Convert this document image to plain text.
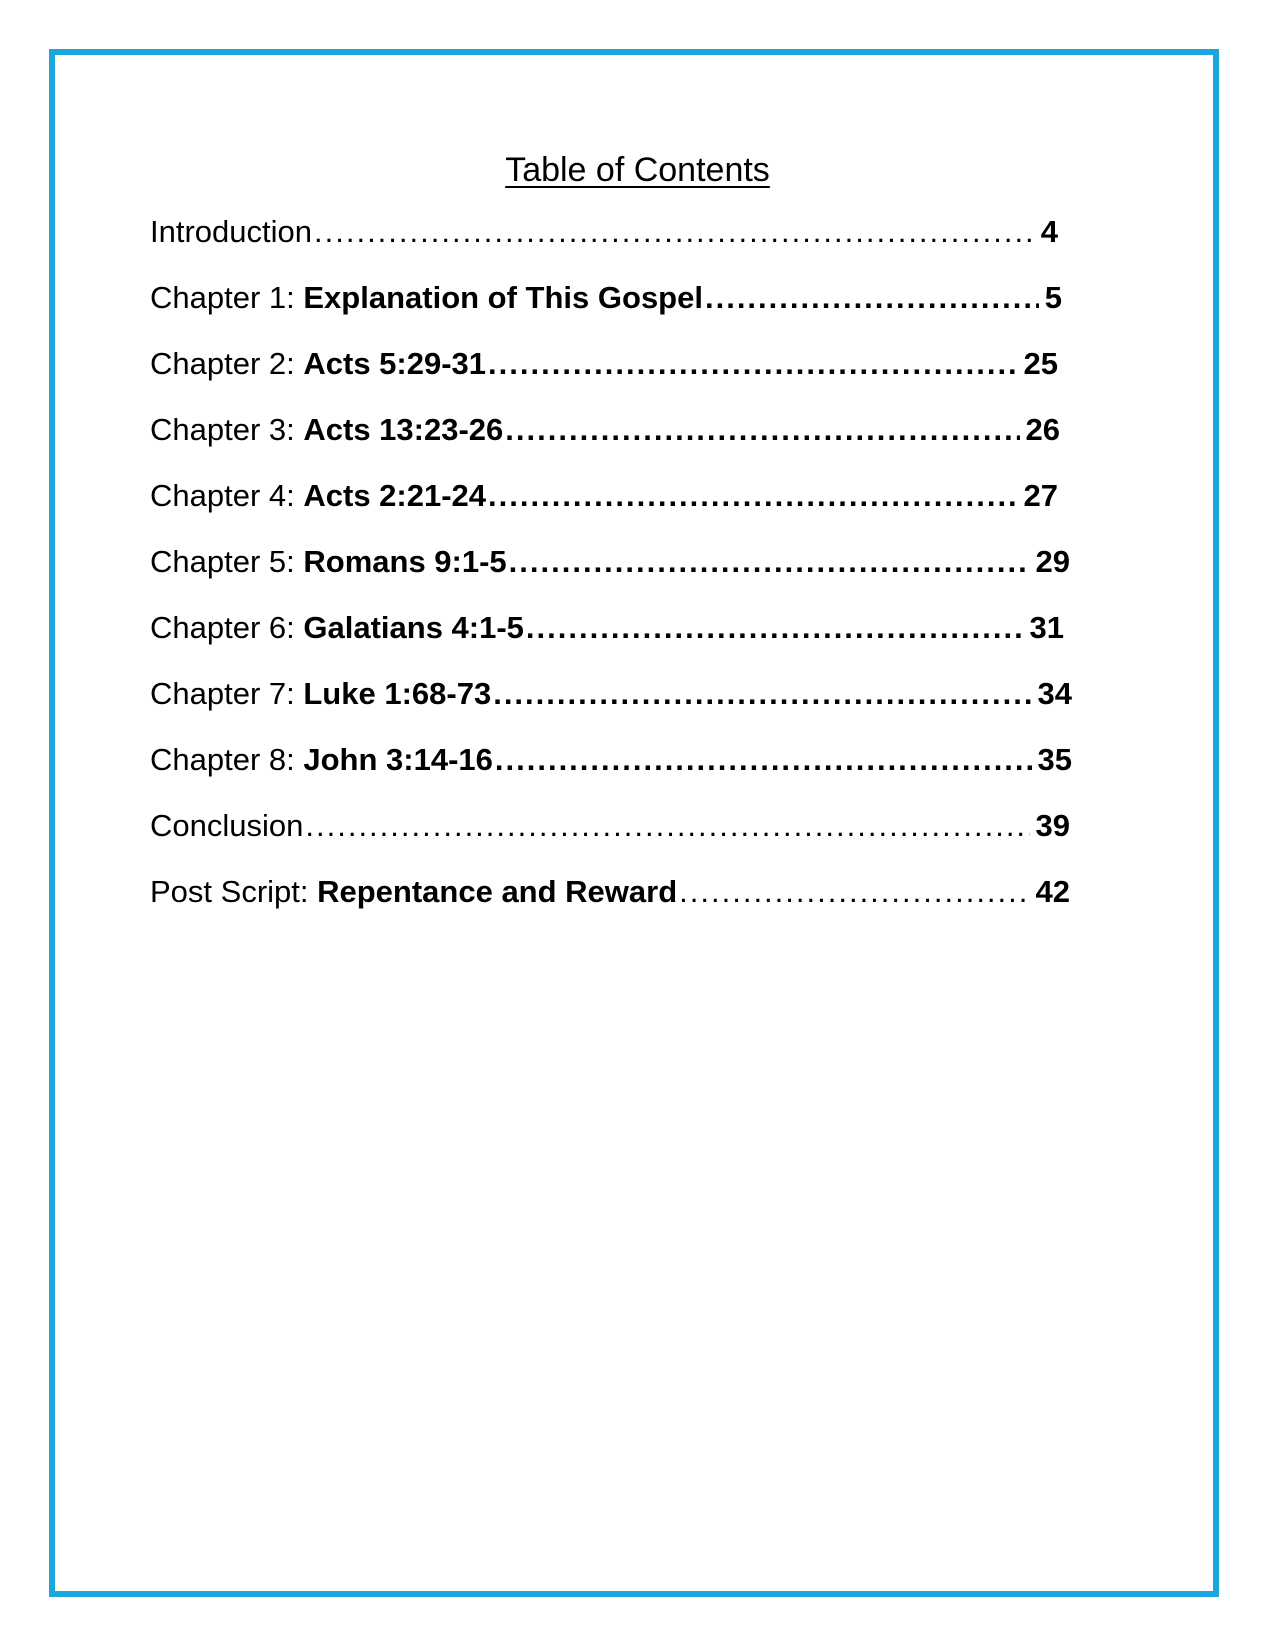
Table of Contents
Introduction .....	4
Chapter 1: Explanation of This Gospel .....	5
Chapter 2: Acts 5:29-31 .....	25
Chapter 3: Acts 13:23-26 .....	26
Chapter 4: Acts 2:21-24 .....	27
Chapter 5: Romans 9:1-5 .....	29
Chapter 6: Galatians 4:1-5 .....	31
Chapter 7: Luke 1:68-73 .....	34
Chapter 8: John 3:14-16 .....	35
Conclusion .....	39
Post Script: Repentance and Reward .....	42
